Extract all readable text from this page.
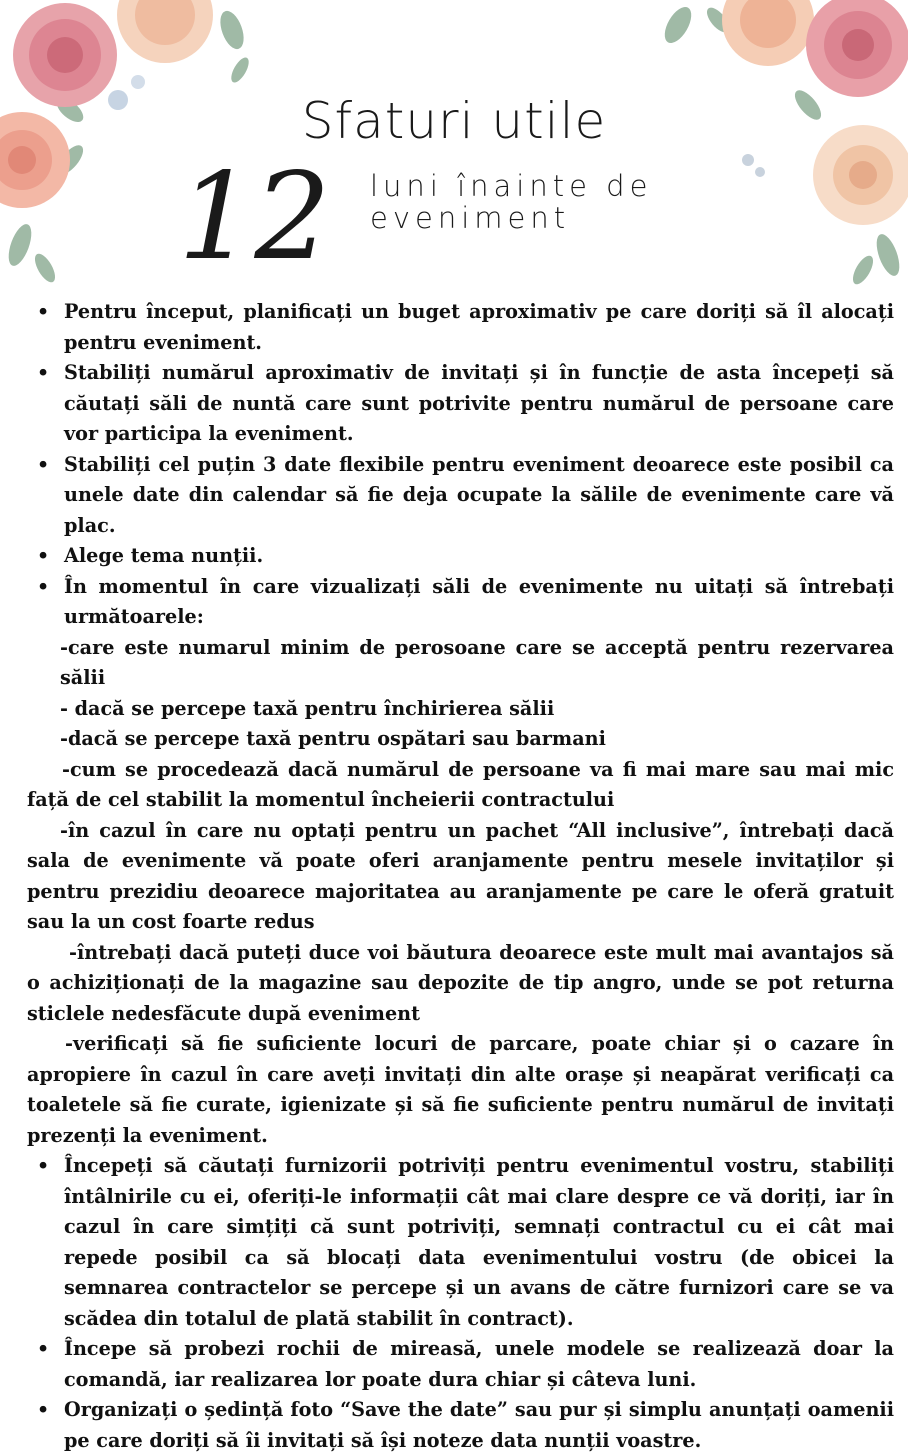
Sfaturi utile
12 luni înainte de
eveniment
• Pentru început, planificați un buget aproximativ pe care doriți să îl alocați pentru eveniment.
• Stabiliți numărul aproximativ de invitați și în funcție de asta începeți să căutați săli de nuntă care sunt potrivite pentru numărul de persoane care vor participa la eveniment.
• Stabiliți cel puțin 3 date flexibile pentru eveniment deoarece este posibil ca unele date din calendar să fie deja ocupate la sălile de evenimente care vă plac.
• Alege tema nunții.
• În momentul în care vizualizați săli de evenimente nu uitați să întrebați următoarele:

-care este numarul minim de perosoane care se acceptă pentru rezervarea sălii

- dacă se percepe taxă pentru închirierea sălii

-dacă se percepe taxă pentru ospătari sau barmani

-cum se procedează dacă numărul de persoane va fi mai mare sau mai mic față de cel stabilit la momentul încheierii contractului

-în cazul în care nu optați pentru un pachet “All inclusive”, întrebați dacă sala de evenimente vă poate oferi aranjamente pentru mesele invitaților și pentru prezidiu deoarece majoritatea au aranjamente pe care le oferă gratuit sau la un cost foarte redus

-întrebați dacă puteți duce voi băutura deoarece este mult mai avantajos să o achiziționați de la magazine sau depozite de tip angro, unde se pot returna sticlele nedesfăcute după eveniment

-verificați să fie suficiente locuri de parcare, poate chiar și o cazare în apropiere în cazul în care aveți invitați din alte orașe și neapărat verificați ca toaletele să fie curate, igienizate și să fie suficiente pentru numărul de invitați prezenți la eveniment.

• Începeți să căutați furnizorii potriviți pentru evenimentul vostru, stabiliți întâlnirile cu ei, oferiți-le informații cât mai clare despre ce vă doriți, iar în cazul în care simțiți că sunt potriviți, semnați contractul cu ei cât mai repede posibil ca să blocați data evenimentului vostru (de obicei la semnarea contractelor se percepe și un avans de către furnizori care se va scădea din totalul de plată stabilit în contract).
• Începe să probezi rochii de mireasă, unele modele se realizează doar la comandă, iar realizarea lor poate dura chiar și câteva luni.
• Organizați o ședință foto “Save the date” sau pur și simplu anunțați oamenii pe care doriți să îi invitați să își noteze data nunții voastre.
